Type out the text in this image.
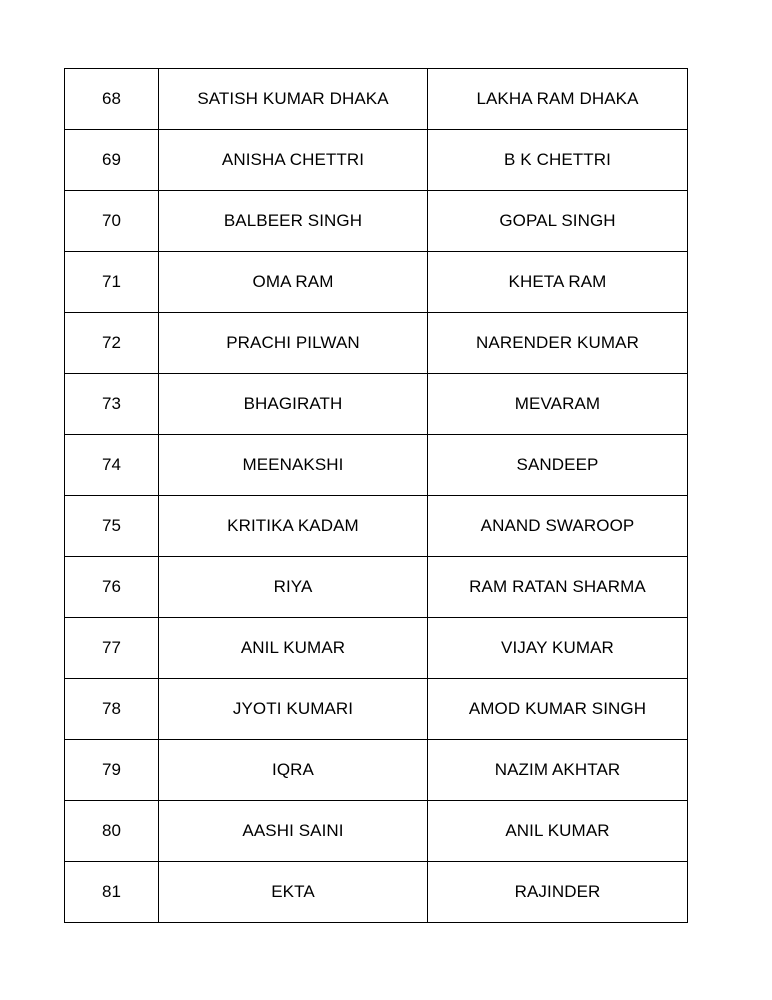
68	SATISH KUMAR DHAKA	LAKHA RAM DHAKA
69	ANISHA CHETTRI	B K CHETTRI
70	BALBEER SINGH	GOPAL SINGH
71	OMA RAM	KHETA RAM
72	PRACHI PILWAN	NARENDER KUMAR
73	BHAGIRATH	MEVARAM
74	MEENAKSHI	SANDEEP
75	KRITIKA KADAM	ANAND SWAROOP
76	RIYA	RAM RATAN SHARMA
77	ANIL KUMAR	VIJAY KUMAR
78	JYOTI KUMARI	AMOD KUMAR SINGH
79	IQRA	NAZIM AKHTAR
80	AASHI SAINI	ANIL KUMAR
81	EKTA	RAJINDER
